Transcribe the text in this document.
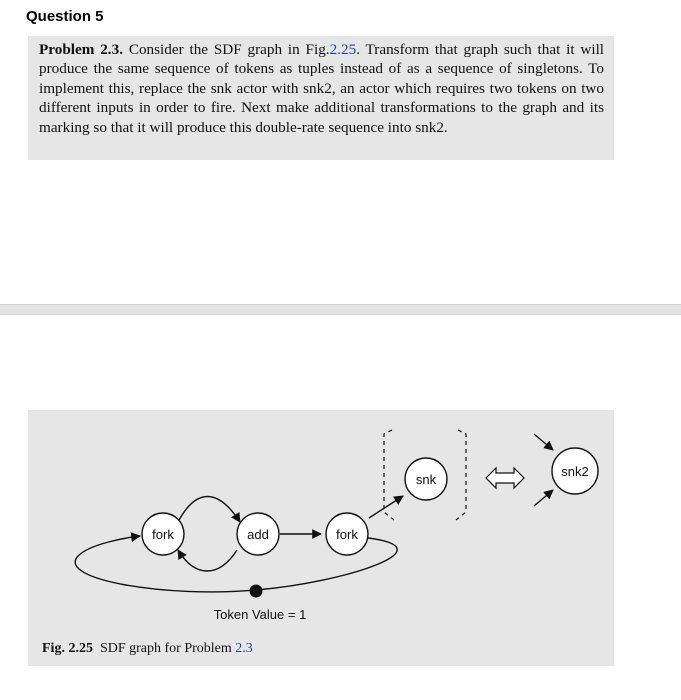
Question 5

Problem 2.3. Consider the SDF graph in Fig.2.25. Transform that graph such that it will produce the same sequence of tokens as tuples instead of as a sequence of singletons. To implement this, replace the snk actor with snk2, an actor which requires two tokens on two different inputs in order to fire. Next make additional transformations to the graph and its marking so that it will produce this double-rate sequence into snk2.

fork	add	fork
snk
snk2
Token Value = 1
Fig. 2.25 SDF graph for Problem 2.3
